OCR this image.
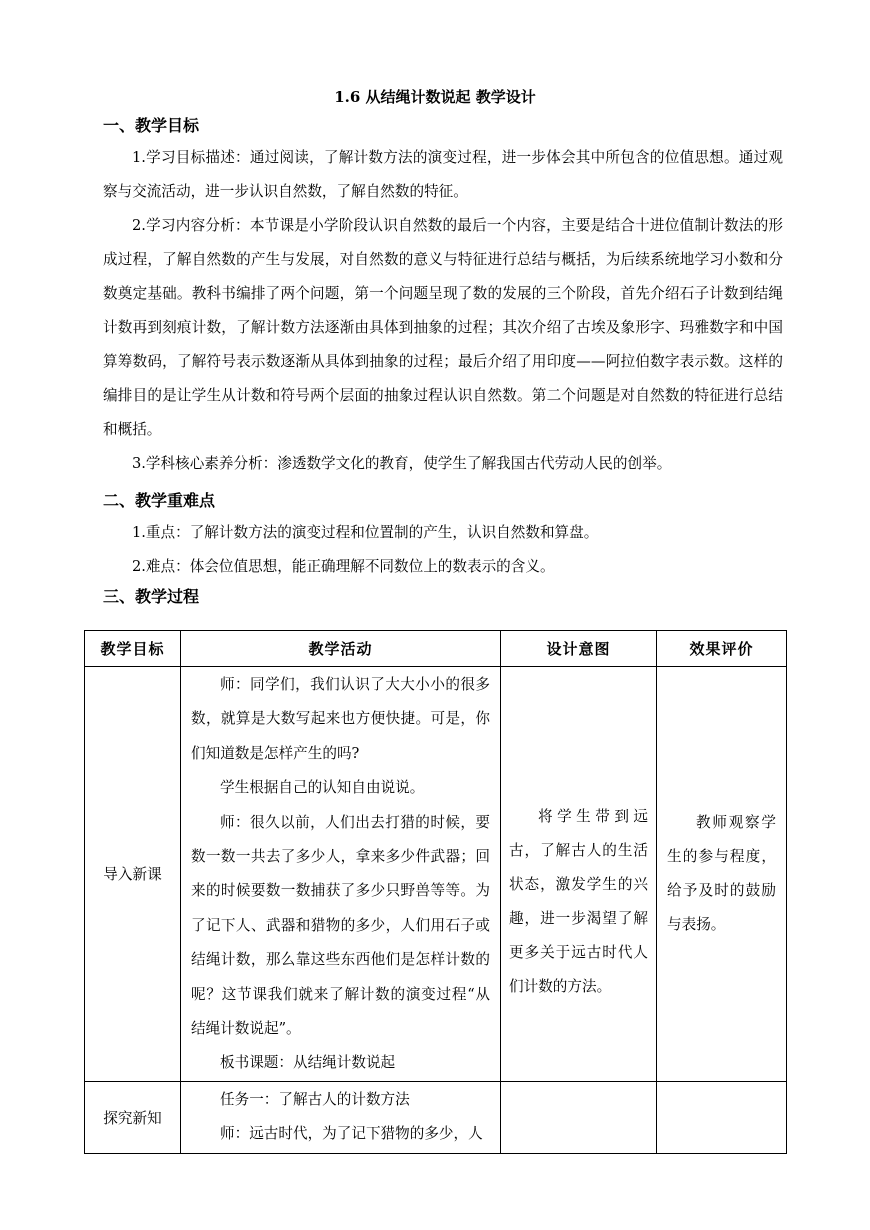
1.6 从结绳计数说起 教学设计
一、教学目标
1.学习目标描述：通过阅读，了解计数方法的演变过程，进一步体会其中所包含的位值思想。通过观察与交流活动，进一步认识自然数，了解自然数的特征。
2.学习内容分析：本节课是小学阶段认识自然数的最后一个内容，主要是结合十进位值制计数法的形成过程，了解自然数的产生与发展，对自然数的意义与特征进行总结与概括，为后续系统地学习小数和分数奠定基础。教科书编排了两个问题，第一个问题呈现了数的发展的三个阶段，首先介绍石子计数到结绳计数再到刻痕计数，了解计数方法逐渐由具体到抽象的过程；其次介绍了古埃及象形字、玛雅数字和中国算筹数码，了解符号表示数逐渐从具体到抽象的过程；最后介绍了用印度——阿拉伯数字表示数。这样的编排目的是让学生从计数和符号两个层面的抽象过程认识自然数。第二个问题是对自然数的特征进行总结和概括。
3.学科核心素养分析：渗透数学文化的教育，使学生了解我国古代劳动人民的创举。
二、教学重难点
1.重点：了解计数方法的演变过程和位置制的产生，认识自然数和算盘。
2.难点：体会位值思想，能正确理解不同数位上的数表示的含义。
三、教学过程
教学目标	教学活动	设计意图	效果评价
导入新课	师：同学们，我们认识了大大小小的很多数，就算是大数写起来也方便快捷。可是，你们知道数是怎样产生的吗?

学生根据自己的认知自由说说。

师：很久以前，人们出去打猎的时候，要数一数一共去了多少人，拿来多少件武器；回来的时候要数一数捕获了多少只野兽等等。为了记下人、武器和猎物的多少，人们用石子或结绳计数，那么靠这些东西他们是怎样计数的呢？这节课我们就来了解计数的演变过程“从结绳计数说起”。

板书课题：从结绳计数说起	将学生带到远古，了解古人的生活状态，激发学生的兴趣，进一步渴望了解更多关于远古时代人们计数的方法。	教师观察学生的参与程度，给予及时的鼓励与表扬。

探究新知	任务一：了解古人的计数方法

师：远古时代，为了记下猎物的多少，人		
